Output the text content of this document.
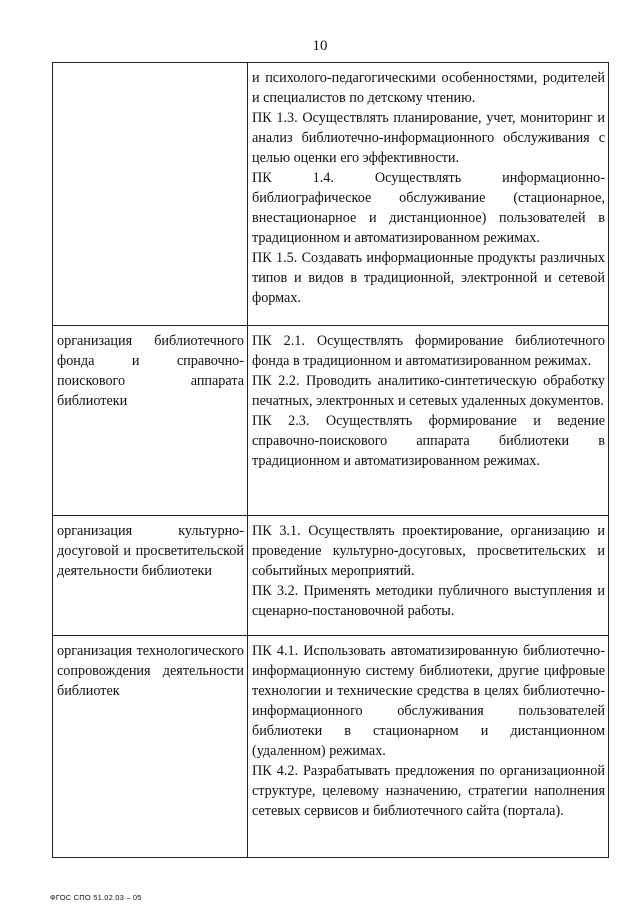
10

	и психолого-педагогическими особенностями, родителей и специалистов по детскому чтению.

ПК 1.3. Осуществлять планирование, учет, мониторинг и анализ библиотечно-информационного обслуживания с целью оценки его эффективности.

ПК 1.4. Осуществлять информационно-библиографическое обслуживание (стационарное, внестационарное и дистанционное) пользователей в традиционном и автоматизированном режимах.

ПК 1.5. Создавать информационные продукты различных типов и видов в традиционной, электронной и сетевой формах.

организация библиотечного фонда и справочно-поискового аппарата библиотеки	ПК 2.1. Осуществлять формирование библиотечного фонда в традиционном и автоматизированном режимах.

ПК 2.2. Проводить аналитико-синтетическую обработку печатных, электронных и сетевых удаленных документов.

ПК 2.3. Осуществлять формирование и ведение справочно-поискового аппарата библиотеки в традиционном и автоматизированном режимах.

организация культурно-досуговой и просветительской деятельности библиотеки	ПК 3.1. Осуществлять проектирование, организацию и проведение культурно-досуговых, просветительских и событийных мероприятий.

ПК 3.2. Применять методики публичного выступления и сценарно-постановочной работы.

организация технологического сопровождения деятельности библиотек	ПК 4.1. Использовать автоматизированную библиотечно-информационную систему библиотеки, другие цифровые технологии и технические средства в целях библиотечно-информационного обслуживания пользователей библиотеки в стационарном и дистанционном (удаленном) режимах.

ПК 4.2. Разрабатывать предложения по организационной структуре, целевому назначению, стратегии наполнения сетевых сервисов и библиотечного сайта (портала).

ФГОС СПО 51.02.03 – 05
